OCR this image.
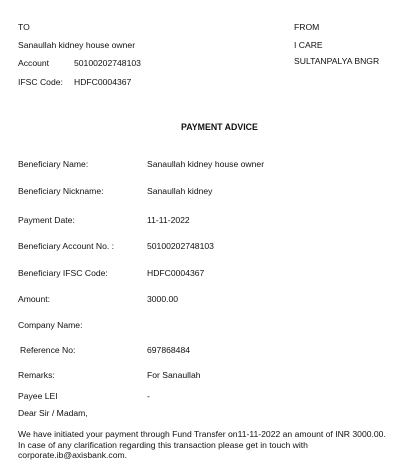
TO
Sanaullah kidney house owner
Account	50100202748103
IFSC Code: HDFC0004367
FROM
I CARE
SULTANPALYA BNGR
PAYMENT ADVICE
Beneficiary Name:	Sanaullah kidney house owner
Beneficiary Nickname:	Sanaullah kidney
Payment Date:	11-11-2022
Beneficiary Account No. :	50100202748103
Beneficiary IFSC Code:	HDFC0004367
Amount:	3000.00
Company Name:
Reference No:	697868484
Remarks:	For Sanaullah
Payee LEI	-
Dear Sir / Madam,
We have initiated your payment through Fund Transfer on11-11-2022 an amount of INR 3000.00. In case of any clarification regarding this transaction please get in touch with corporate.ib@axisbank.com.
